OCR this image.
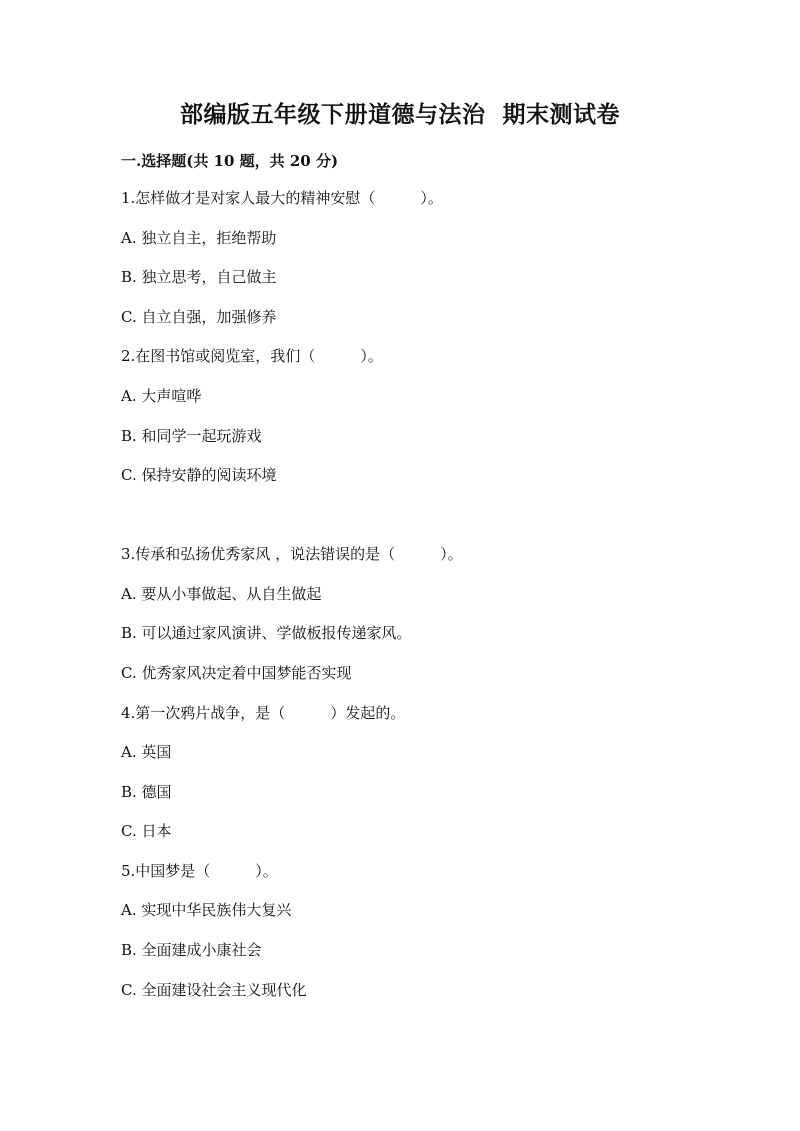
部编版五年级下册道德与法治  期末测试卷
一.选择题(共 10 题，共 20 分)
1.怎样做才是对家人最大的精神安慰（　　　）。
A. 独立自主，拒绝帮助
B. 独立思考，自己做主
C. 自立自强，加强修养
2.在图书馆或阅览室，我们（　　　）。
A. 大声喧哗
B. 和同学一起玩游戏
C. 保持安静的阅读环境
3.传承和弘扬优秀家风 ，说法错误的是（　　　）。
A. 要从小事做起、从自生做起
B. 可以通过家风演讲、学做板报传递家风。
C. 优秀家风决定着中国梦能否实现
4.第一次鸦片战争，是（　　　）发起的。
A. 英国
B. 德国
C. 日本
5.中国梦是（　　　）。
A. 实现中华民族伟大复兴
B. 全面建成小康社会
C. 全面建设社会主义现代化
